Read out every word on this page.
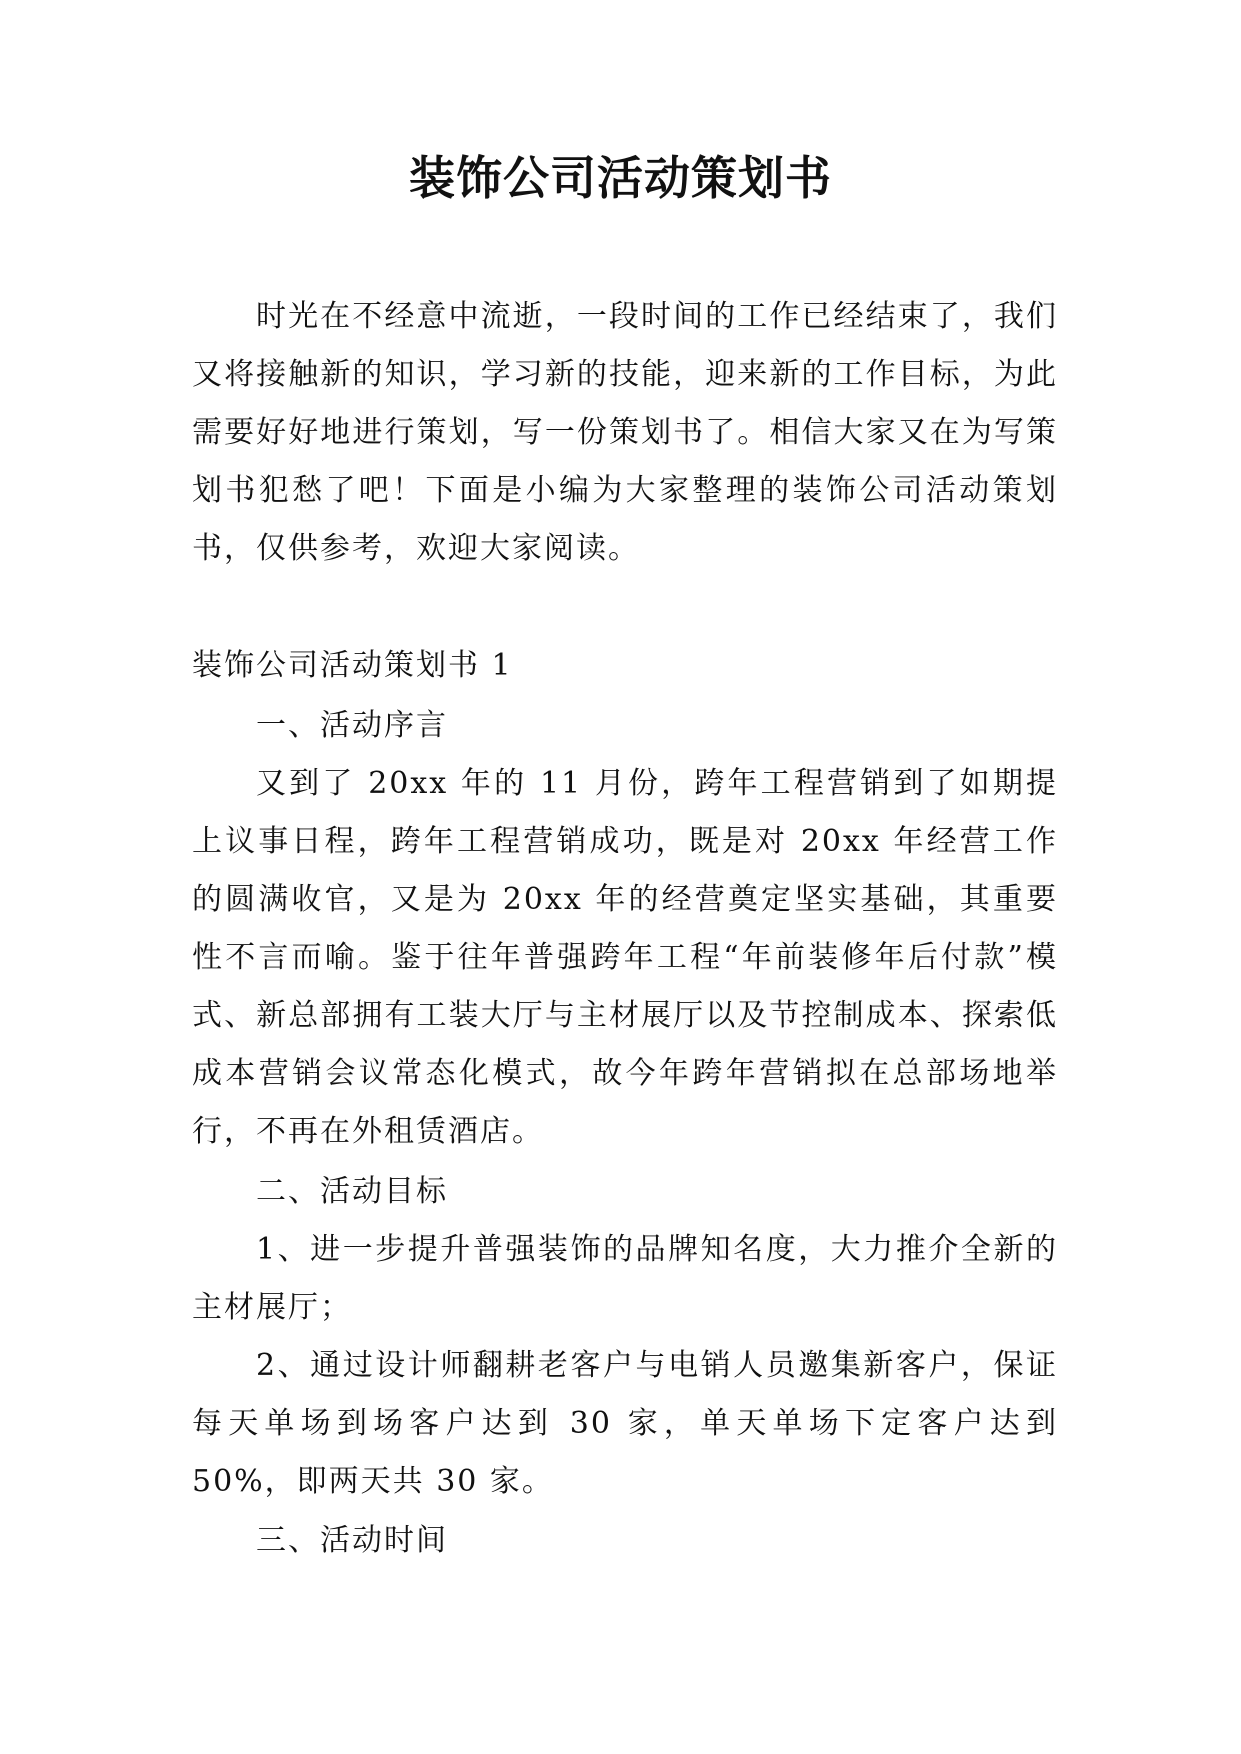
装饰公司活动策划书

时光在不经意中流逝，一段时间的工作已经结束了，我们又将接触新的知识，学习新的技能，迎来新的工作目标，为此需要好好地进行策划，写一份策划书了。相信大家又在为写策划书犯愁了吧！下面是小编为大家整理的装饰公司活动策划书，仅供参考，欢迎大家阅读。

装饰公司活动策划书 1

一、活动序言

又到了 20xx 年的 11 月份，跨年工程营销到了如期提上议事日程，跨年工程营销成功，既是对 20xx 年经营工作的圆满收官，又是为 20xx 年的经营奠定坚实基础，其重要性不言而喻。鉴于往年普强跨年工程“年前装修年后付款”模式、新总部拥有工装大厅与主材展厅以及节控制成本、探索低成本营销会议常态化模式，故今年跨年营销拟在总部场地举行，不再在外租赁酒店。

二、活动目标

1、进一步提升普强装饰的品牌知名度，大力推介全新的主材展厅；

2、通过设计师翻耕老客户与电销人员邀集新客户，保证每天单场到场客户达到 30 家，单天单场下定客户达到 50%，即两天共 30 家。

三、活动时间
